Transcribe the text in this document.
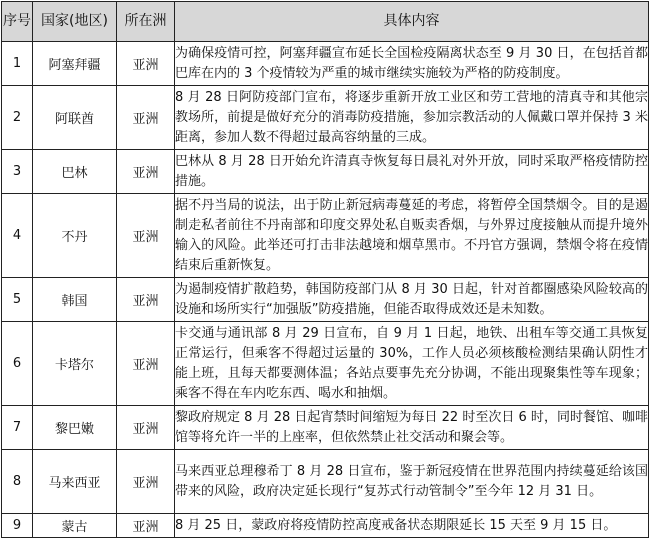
序号	国家(地区)	所在洲	具体内容
1	阿塞拜疆	亚洲	为确保疫情可控，阿塞拜疆宣布延长全国检疫隔离状态至 9 月 30 日，在包括首都巴库在内的 3 个疫情较为严重的城市继续实施较为严格的防疫制度。
2	阿联酋	亚洲	8 月 28 日阿防疫部门宣布，将逐步重新开放工业区和劳工营地的清真寺和其他宗教场所，前提是做好充分的消毒防疫措施，参加宗教活动的人佩戴口罩并保持 3 米距离，参加人数不得超过最高容纳量的三成。
3	巴林	亚洲	巴林从 8 月 28 日开始允许清真寺恢复每日晨礼对外开放，同时采取严格疫情防控措施。
4	不丹	亚洲	据不丹当局的说法，出于防止新冠病毒蔓延的考虑，将暂停全国禁烟令。目的是遏制走私者前往不丹南部和印度交界处私自贩卖香烟，与外界过度接触从而提升境外输入的风险。此举还可打击非法越境和烟草黑市。不丹官方强调，禁烟令将在疫情结束后重新恢复。
5	韩国	亚洲	为遏制疫情扩散趋势，韩国防疫部门从 8 月 30 日起，针对首都圈感染风险较高的设施和场所实行“加强版”防疫措施，但能否取得成效还是未知数。
6	卡塔尔	亚洲	卡交通与通讯部 8 月 29 日宣布，自 9 月 1 日起，地铁、出租车等交通工具恢复正常运行，但乘客不得超过运量的 30%，工作人员必须核酸检测结果确认阴性才能上班，且每天都要测体温；各站点要事先充分协调，不能出现聚集性等车现象；乘客不得在车内吃东西、喝水和抽烟。
7	黎巴嫩	亚洲	黎政府规定 8 月 28 日起宵禁时间缩短为每日 22 时至次日 6 时，同时餐馆、咖啡馆等将允许一半的上座率，但依然禁止社交活动和聚会等。
8	马来西亚	亚洲	马来西亚总理穆希丁 8 月 28 日宣布，鉴于新冠疫情在世界范围内持续蔓延给该国带来的风险，政府决定延长现行“复苏式行动管制令”至今年 12 月 31 日。
9	蒙古	亚洲	8 月 25 日，蒙政府将疫情防控高度戒备状态期限延长 15 天至 9 月 15 日。
